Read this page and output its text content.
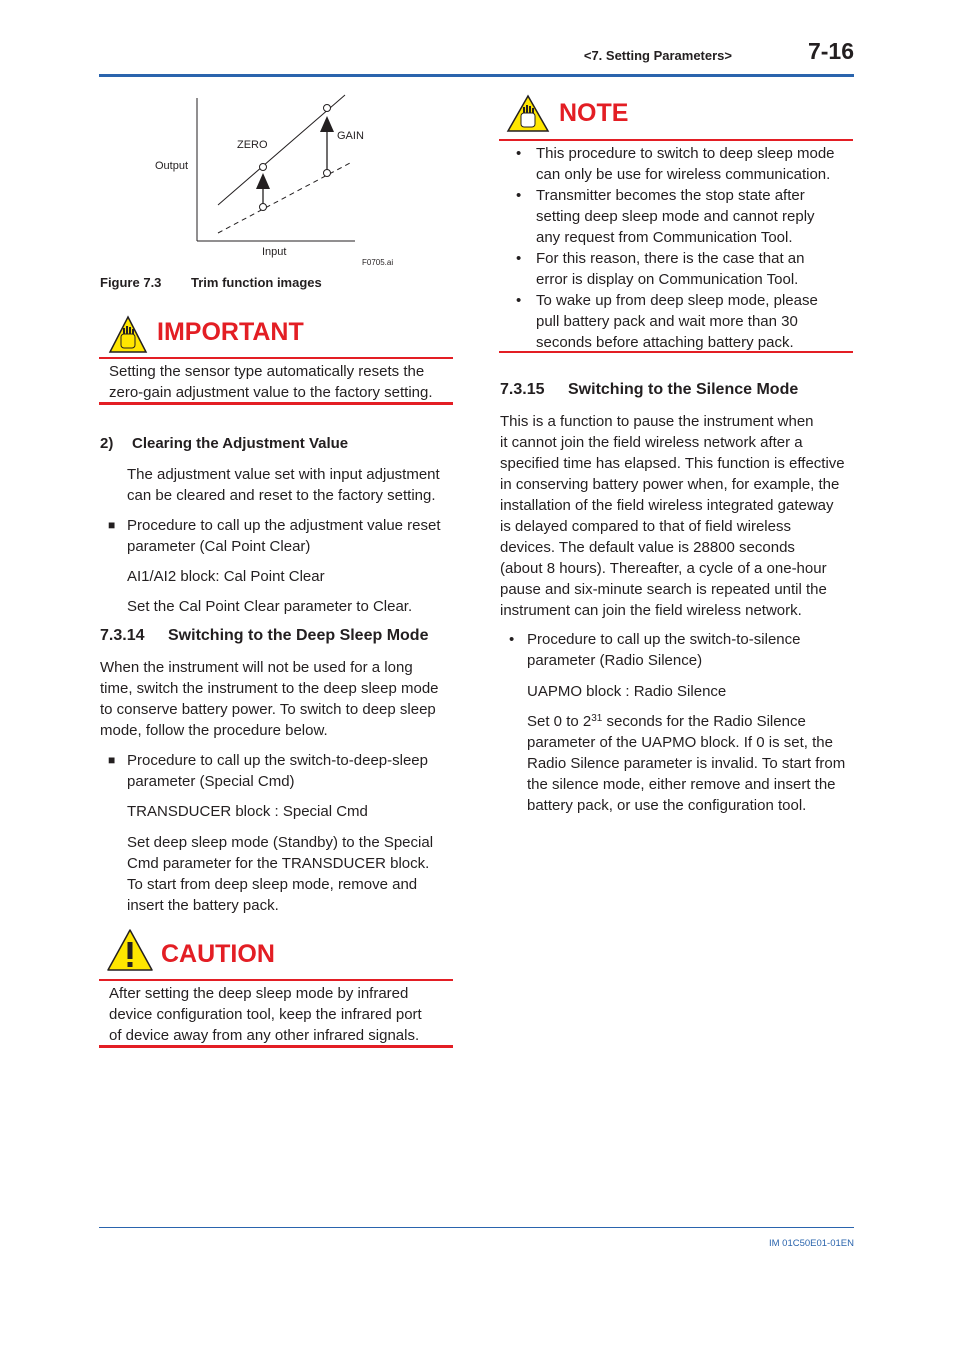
<7. Setting Parameters>	7-16
Output
Input
ZERO
GAIN
F0705.ai
Figure 7.3 Trim function images
IMPORTANT
Setting the sensor type automatically resets the
zero-gain adjustment value to the factory setting.
2) Clearing the Adjustment Value
The adjustment value set with input adjustment
can be cleared and reset to the factory setting.
■ Procedure to call up the adjustment value reset
parameter (Cal Point Clear)
AI1/AI2 block: Cal Point Clear
Set the Cal Point Clear parameter to Clear.
7.3.14 Switching to the Deep Sleep Mode
When the instrument will not be used for a long
time, switch the instrument to the deep sleep mode
to conserve battery power. To switch to deep sleep
mode, follow the procedure below.
■ Procedure to call up the switch-to-deep-sleep
parameter (Special Cmd)
TRANSDUCER block : Special Cmd
Set deep sleep mode (Standby) to the Special
Cmd parameter for the TRANSDUCER block.
To start from deep sleep mode, remove and
insert the battery pack.
CAUTION
After setting the deep sleep mode by infrared
device configuration tool, keep the infrared port
of device away from any other infrared signals.
NOTE
• This procedure to switch to deep sleep mode
can only be use for wireless communication.
• Transmitter becomes the stop state after
setting deep sleep mode and cannot reply
any request from Communication Tool.
• For this reason, there is the case that an
error is display on Communication Tool.
• To wake up from deep sleep mode, please
pull battery pack and wait more than 30
seconds before attaching battery pack.
7.3.15 Switching to the Silence Mode
This is a function to pause the instrument when
it cannot join the field wireless network after a
specified time has elapsed. This function is effective
in conserving battery power when, for example, the
installation of the field wireless integrated gateway
is delayed compared to that of field wireless
devices. The default value is 28800 seconds
(about 8 hours). Thereafter, a cycle of a one-hour
pause and six-minute search is repeated until the
instrument can join the field wireless network.
• Procedure to call up the switch-to-silence
parameter (Radio Silence)
UAPMO block : Radio Silence
Set 0 to $2^{31}$ seconds for the Radio Silence
parameter of the UAPMO block. If 0 is set, the
Radio Silence parameter is invalid. To start from
the silence mode, either remove and insert the
battery pack, or use the configuration tool.
IM 01C50E01-01EN
